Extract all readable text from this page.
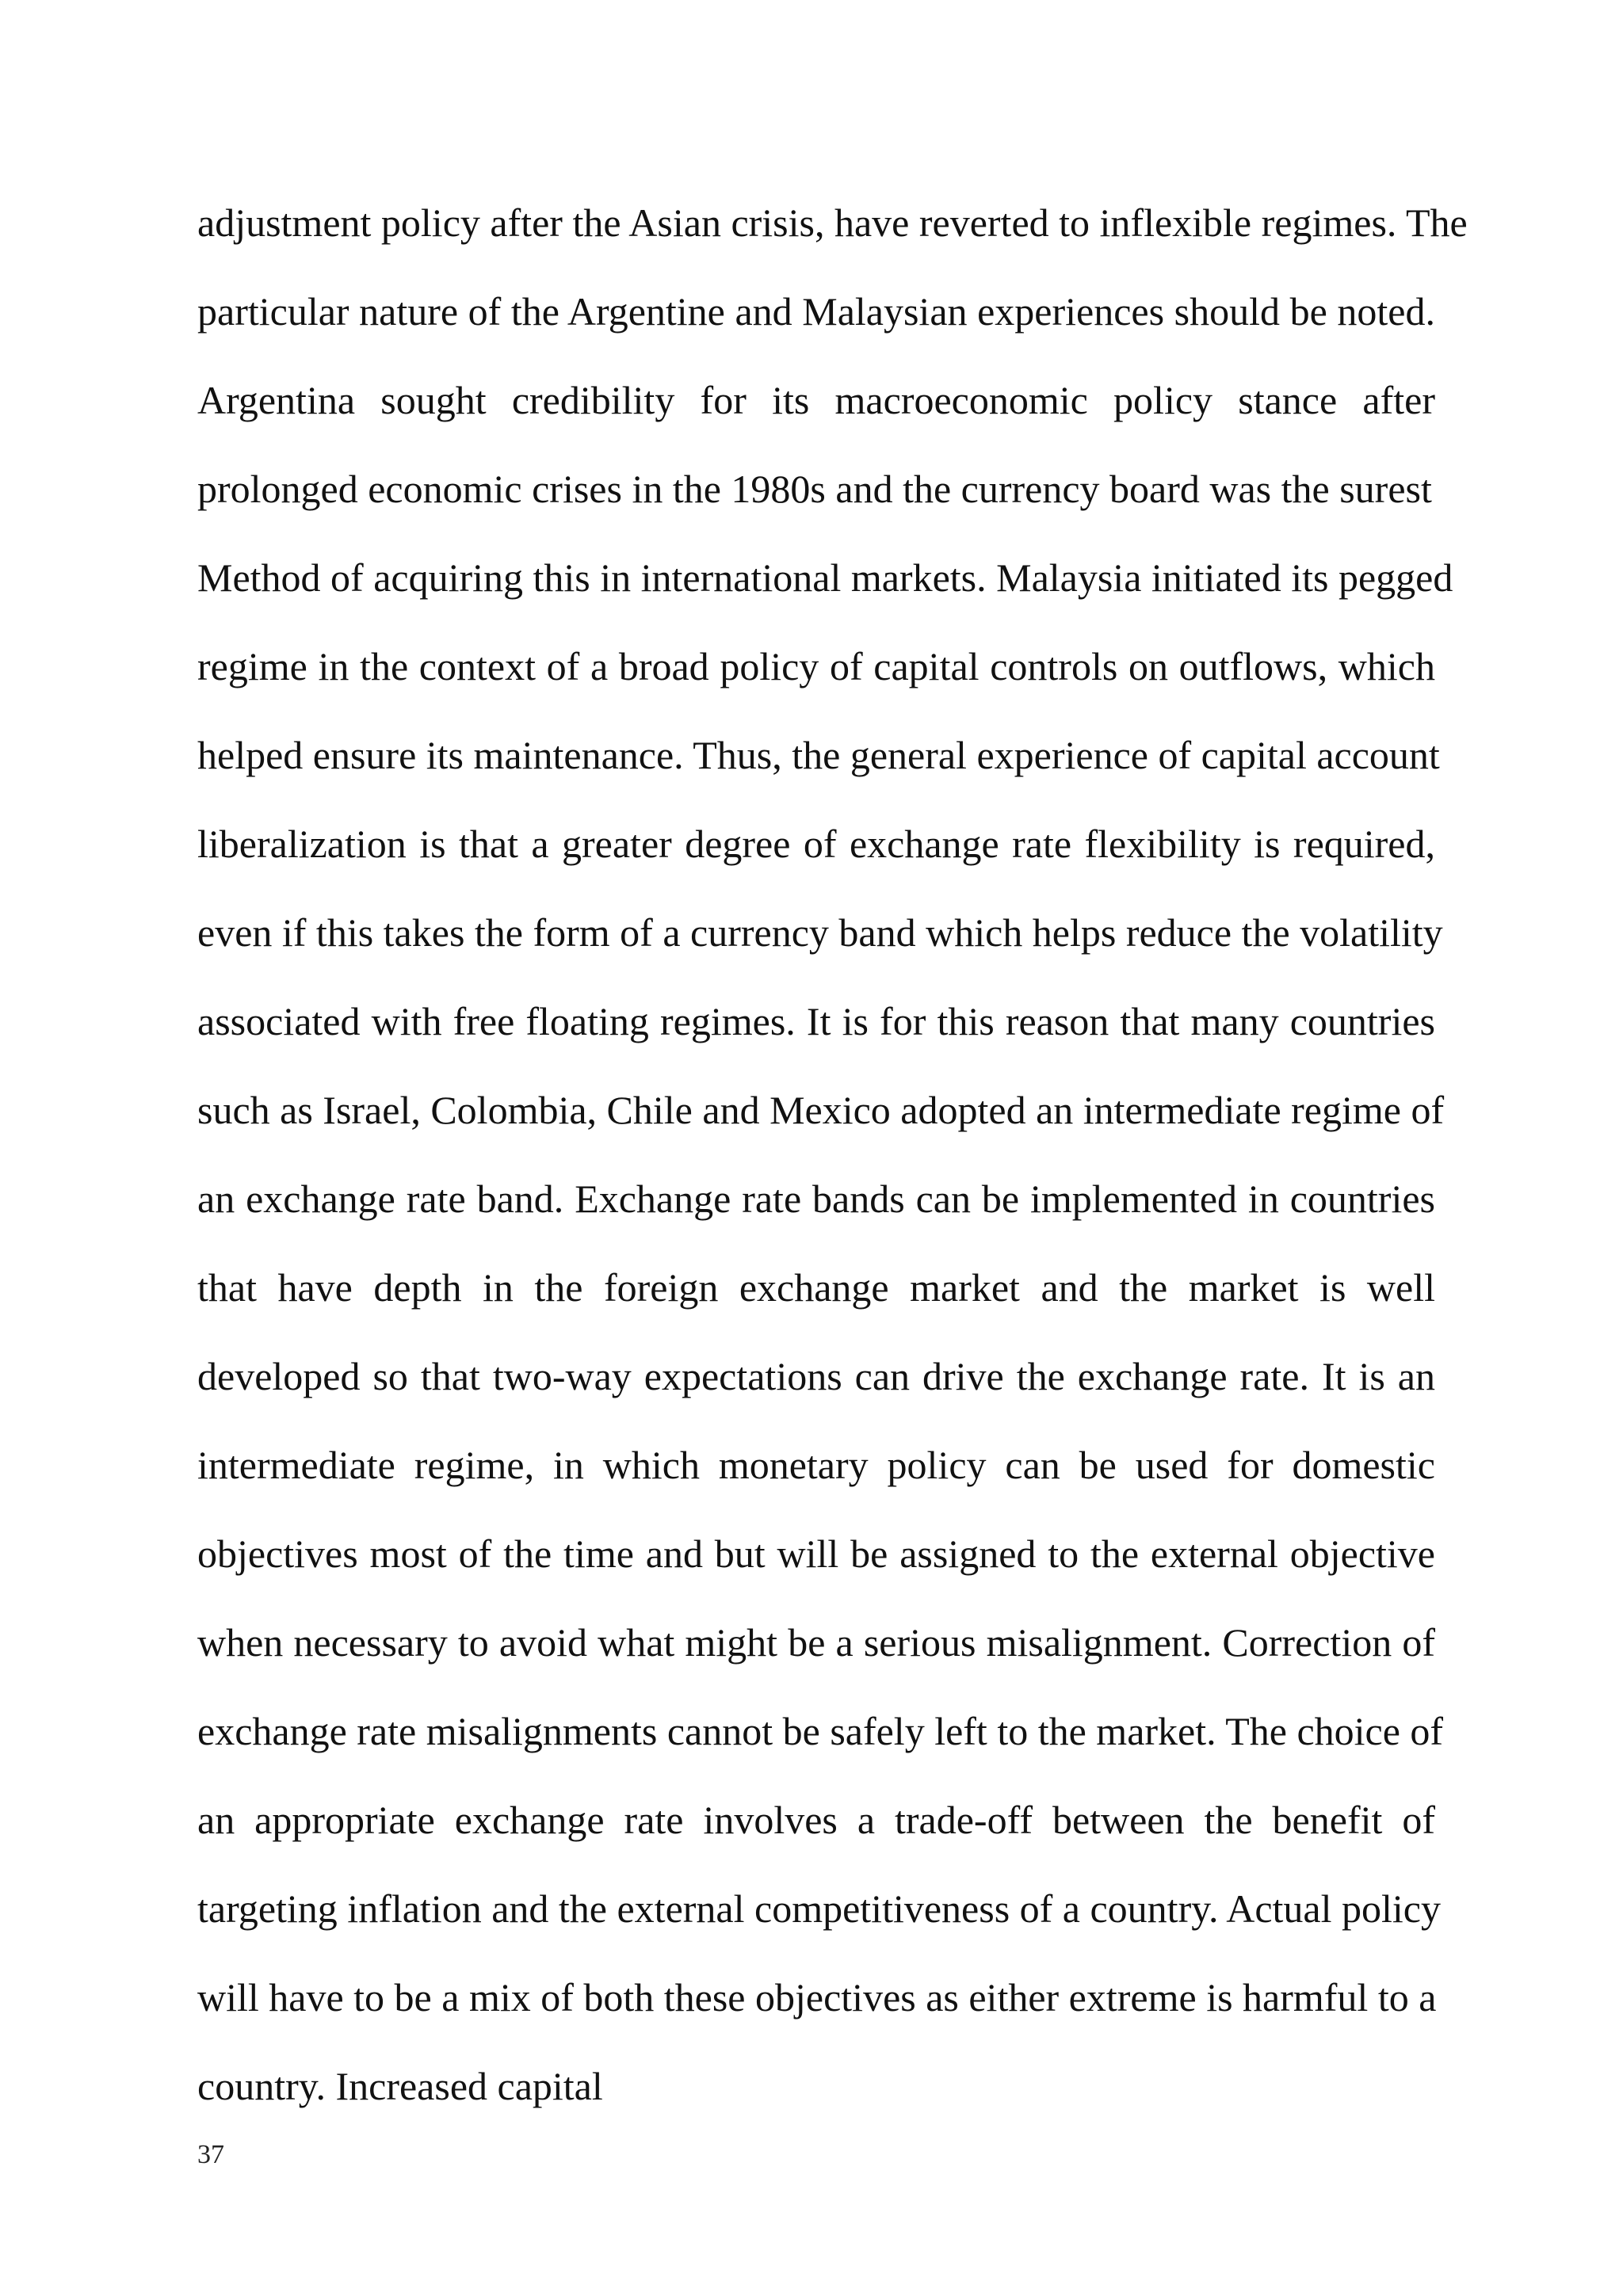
adjustment policy after the Asian crisis, have reverted to inflexible regimes. The
particular nature of the Argentine and Malaysian experiences should be noted.
Argentina sought credibility for its macroeconomic policy stance after
prolonged economic crises in the 1980s and the currency board was the surest
Method of acquiring this in international markets. Malaysia initiated its pegged
regime in the context of a broad policy of capital controls on outflows, which
helped ensure its maintenance. Thus, the general experience of capital account
liberalization is that a greater degree of exchange rate flexibility is required,
even if this takes the form of a currency band which helps reduce the volatility
associated with free floating regimes. It is for this reason that many countries
such as Israel, Colombia, Chile and Mexico adopted an intermediate regime of
an exchange rate band. Exchange rate bands can be implemented in countries
that have depth in the foreign exchange market and the market is well
developed so that two-way expectations can drive the exchange rate. It is an
intermediate regime, in which monetary policy can be used for domestic
objectives most of the time and but will be assigned to the external objective
when necessary to avoid what might be a serious misalignment. Correction of
exchange rate misalignments cannot be safely left to the market. The choice of
an appropriate exchange rate involves a trade-off between the benefit of
targeting inflation and the external competitiveness of a country. Actual policy
will have to be a mix of both these objectives as either extreme is harmful to a
country. Increased capital
37
